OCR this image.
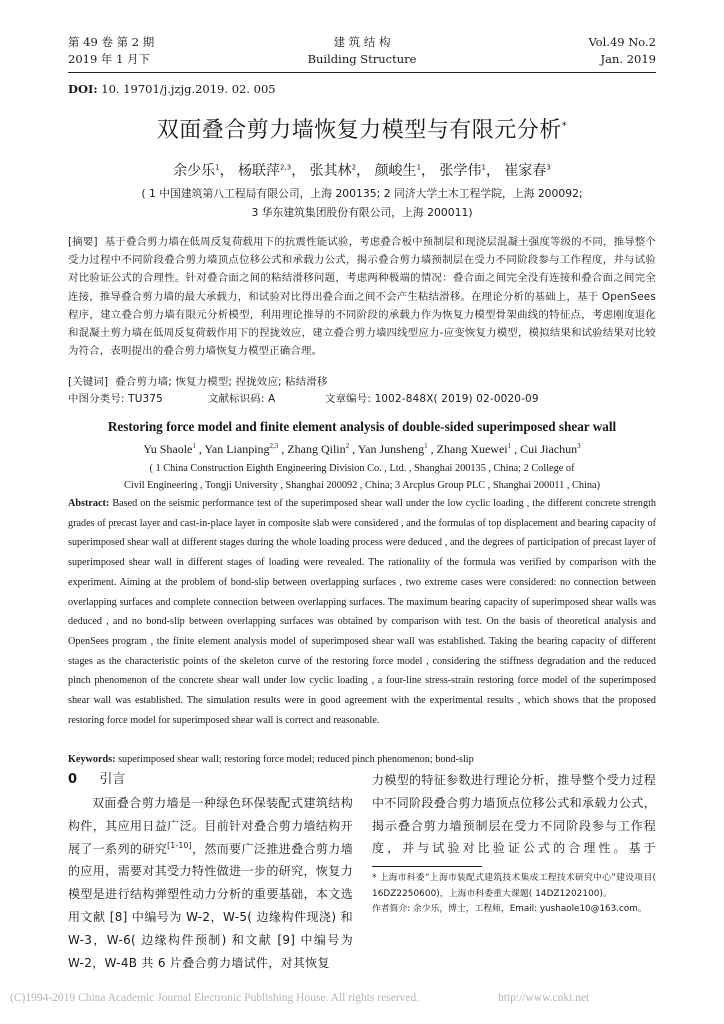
第 49 卷 第 2 期
2019 年 1 月下
建 筑 结 构
Building Structure
Vol.49 No.2
Jan. 2019
DOI: 10. 19701/j.jzjg.2019. 02. 005
双面叠合剪力墙恢复力模型与有限元分析*
余少乐$^1$， 杨联萍$^{2,3}$， 张其林$^2$， 颜峻生$^1$， 张学伟$^1$， 崔家春$^3$
( 1 中国建筑第八工程局有限公司，上海 200135; 2 同济大学土木工程学院，上海 200092;
3 华东建筑集团股份有限公司，上海 200011)
[摘要] 基于叠合剪力墙在低周反复荷载用下的抗震性能试验，考虑叠合板中预制层和现浇层混凝土强度等级的不同，推导整个受力过程中不同阶段叠合剪力墙顶点位移公式和承载力公式，揭示叠合剪力墙预制层在受力不同阶段参与工作程度，并与试验对比验证公式的合理性。针对叠合面之间的粘结滑移问题，考虑两种极端的情况：叠合面之间完全没有连接和叠合面之间完全连接，推导叠合剪力墙的最大承载力，和试验对比得出叠合面之间不会产生粘结滑移。在理论分析的基础上，基于 OpenSees 程序，建立叠合剪力墙有限元分析模型，利用理论推导的不同阶段的承载力作为恢复力模型骨架曲线的特征点，考虑刚度退化和混凝土剪力墙在低周反复荷载作用下的捏拢效应，建立叠合剪力墙四线型应力-应变恢复力模型，模拟结果和试验结果对比较为符合，表明提出的叠合剪力墙恢复力模型正确合理。
[关键词] 叠合剪力墙; 恢复力模型; 捏拢效应; 粘结滑移
中图分类号: TU375	文献标识码: A	文章编号: 1002-848X( 2019) 02-0020-09
Restoring force model and finite element analysis of double-sided superimposed shear wall
Yu Shaole$^1$ , Yan Lianping$^{2,3}$ , Zhang Qilin$^2$ , Yan Junsheng$^1$ , Zhang Xuewei$^1$ , Cui Jiachun$^3$
( 1 China Construction Eighth Engineering Division Co. , Ltd. , Shanghai 200135 , China; 2 College of
Civil Engineering , Tongji University , Shanghai 200092 , China; 3 Arcplus Group PLC , Shanghai 200011 , China)
Abstract: Based on the seismic performance test of the superimposed shear wall under the low cyclic loading , the different concrete strength grades of precast layer and cast-in-place layer in composite slab were considered , and the formulas of top displacement and bearing capacity of superimposed shear wall at different stages during the whole loading process were deduced , and the degrees of participation of precast layer of superimposed shear wall in different stages of loading were revealed. The rationality of the formula was verified by comparison with the experiment. Aiming at the problem of bond-slip between overlapping surfaces , two extreme cases were considered: no connection between overlapping surfaces and complete connection between overlapping surfaces. The maximum bearing capacity of superimposed shear walls was deduced , and no bond-slip between overlapping surfaces was obtained by comparison with test. On the basis of theoretical analysis and OpenSees program , the finite element analysis model of superimposed shear wall was established. Taking the bearing capacity of different stages as the characteristic points of the skeleton curve of the restoring force model , considering the stiffness degradation and the reduced pinch phenomenon of the concrete shear wall under low cyclic loading , a four-line stress-strain restoring force model of the superimposed shear wall was established. The simulation results were in good agreement with the experimental results , which shows that the proposed restoring force model for superimposed shear wall is correct and reasonable.
Keywords: superimposed shear wall; restoring force model; reduced pinch phenomenon; bond-slip
0 引言
双面叠合剪力墙是一种绿色环保装配式建筑结构构件，其应用日益广泛。目前针对叠合剪力墙结构开展了一系列的研究[1-10]，然而要广泛推进叠合剪力墙的应用，需要对其受力特性做进一步的研究，恢复力模型是进行结构弹塑性动力分析的重要基础，本文选用文献 [8] 中编号为 W-2，W-5( 边缘构件现浇) 和 W-3，W-6( 边缘构件预制) 和文献 [9] 中编号为 W-2，W-4B 共 6 片叠合剪力墙试件，对其恢复
力模型的特征参数进行理论分析，推导整个受力过程中不同阶段叠合剪力墙顶点位移公式和承载力公式，揭示叠合剪力墙预制层在受力不同阶段参与工作程度，并与试验对比验证公式的合理性。基于
* 上海市科委“上海市装配式建筑技术集成工程技术研究中心”建设项目( 16DZ2250600)，上海市科委重大课题( 14DZ1202100)。
作者简介: 余少乐，博士，工程师，Email: yushaole10@163.com。
(C)1994-2019 China Academic Journal Electronic Publishing House. All rights reserved.	http://www.cnki.net
